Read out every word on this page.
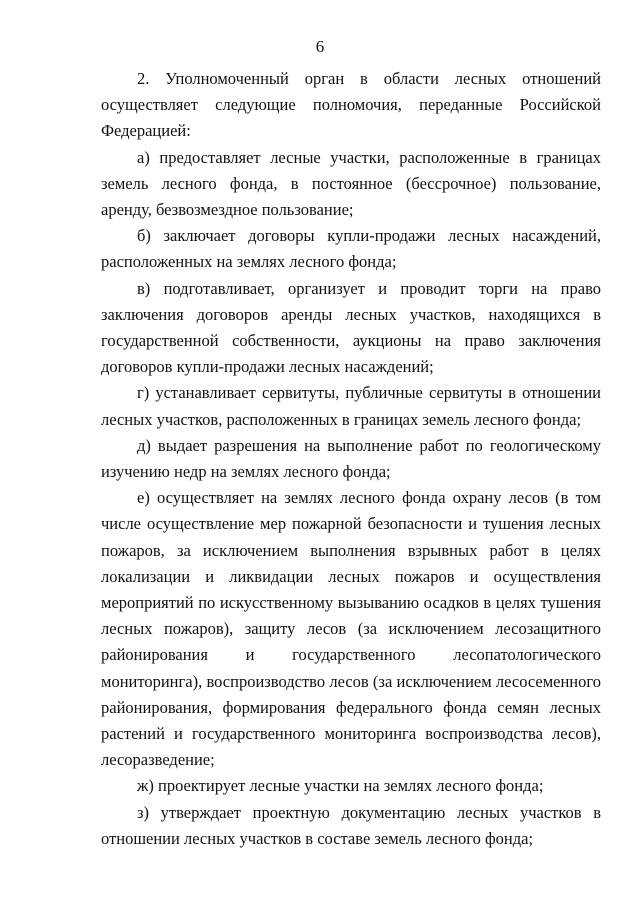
6

2. Уполномоченный орган в области лесных отношений осуществляет следующие полномочия, переданные Российской Федерацией:

а) предоставляет лесные участки, расположенные в границах земель лесного фонда, в постоянное (бессрочное) пользование, аренду, безвозмездное пользование;

б) заключает договоры купли-продажи лесных насаждений, расположенных на землях лесного фонда;

в) подготавливает, организует и проводит торги на право заключения договоров аренды лесных участков, находящихся в государственной собственности, аукционы на право заключения договоров купли-продажи лесных насаждений;

г) устанавливает сервитуты, публичные сервитуты в отношении лесных участков, расположенных в границах земель лесного фонда;

д) выдает разрешения на выполнение работ по геологическому изучению недр на землях лесного фонда;

е) осуществляет на землях лесного фонда охрану лесов (в том числе осуществление мер пожарной безопасности и тушения лесных пожаров, за исключением выполнения взрывных работ в целях локализации и ликвидации лесных пожаров и осуществления мероприятий по искусственному вызыванию осадков в целях тушения лесных пожаров), защиту лесов (за исключением лесозащитного районирования и государственного лесопатологического мониторинга), воспроизводство лесов (за исключением лесосеменного районирования, формирования федерального фонда семян лесных растений и государственного мониторинга воспроизводства лесов), лесоразведение;

ж) проектирует лесные участки на землях лесного фонда;

з) утверждает проектную документацию лесных участков в отношении лесных участков в составе земель лесного фонда;
